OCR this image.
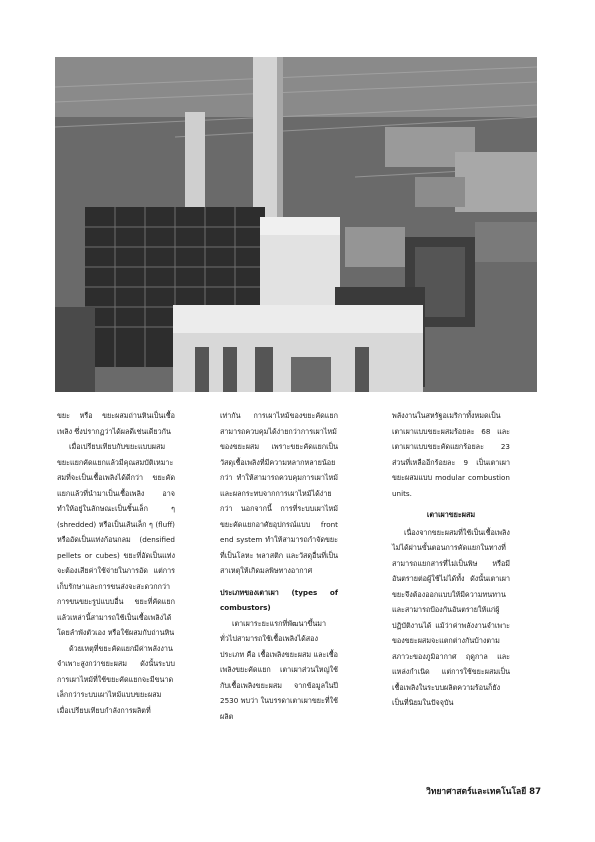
ขยะ หรือ ขยะผสมถ่านหินเป็นเชื้อเพลิง ซึ่งปรากฏว่าได้ผลดีเช่นเดียวกัน

เมื่อเปรียบเทียบกับขยะแบบผสม ขยะแยกคัดแยกแล้วมีคุณสมบัติเหมาะสมที่จะเป็นเชื้อเพลิงได้ดีกว่า ขยะคัดแยกแล้วที่นำมาเป็นเชื้อเพลิง อาจทำให้อยู่ในลักษณะเป็นชิ้นเล็ก ๆ (shredded) หรือเป็นเส้นเล็ก ๆ (fluff) หรืออัดเป็นแท่งก้อนกลม (densified pellets or cubes) ขยะที่อัดเป็นแท่งจะต้องเสียค่าใช้จ่ายในการอัด แต่การเก็บรักษาและการขนส่งจะสะดวกกว่าการขนขยะรูปแบบอื่น ขยะที่คัดแยกแล้วเหล่านี้สามารถใช้เป็นเชื้อเพลิงได้โดยลำพังตัวเอง หรือใช้ผสมกับถ่านหิน

ด้วยเหตุที่ขยะคัดแยกมีค่าพลังงานจำเพาะสูงกว่าขยะผสม ดังนั้นระบบการเผาไหม้ที่ใช้ขยะคัดแยกจะมีขนาดเล็กกว่าระบบเผาไหม้แบบขยะผสม เมื่อเปรียบเทียบกำลังการผลิตที่

เท่ากัน การเผาไหม้ของขยะคัดแยกสามารถควบคุมได้ง่ายกว่าการเผาไหม้ของขยะผสม เพราะขยะคัดแยกเป็นวัสดุเชื้อเพลิงที่มีความหลากหลายน้อยกว่า ทำให้สามารถควบคุมการเผาไหม้และผลกระทบจากการเผาไหม้ได้ง่ายกว่า นอกจากนี้ การที่ระบบเผาไหม้ขยะคัดแยกอาศัยอุปกรณ์แบบ front end system ทำให้สามารถกำจัดขยะที่เป็นโลหะ พลาสติก และวัสดุอื่นที่เป็นสาเหตุให้เกิดมลพิษทางอากาศ

ประเภทของเตาเผา (types of combustors)

เตาเผาระยะแรกที่พัฒนาขึ้นมา ทั่วไปสามารถใช้เชื้อเพลิงได้สองประเภท คือ เชื้อเพลิงขยะผสม และเชื้อเพลิงขยะคัดแยก เตาเผาส่วนใหญ่ใช้กับเชื้อเพลิงขยะผสม จากข้อมูลในปี 2530 พบว่า ในบรรดาเตาเผาขยะที่ใช้ผลิต

พลังงานในสหรัฐอเมริกาทั้งหมดเป็นเตาเผาแบบขยะผสมร้อยละ 68 และเตาเผาแบบขยะคัดแยกร้อยละ 23 ส่วนที่เหลืออีกร้อยละ 9 เป็นเตาเผาขยะผสมแบบ modular combustion units.

เตาเผาขยะผสม

เนื่องจากขยะผสมที่ใช้เป็นเชื้อเพลิงไม่ได้ผ่านขั้นตอนการคัดแยกในทางที่สามารถแยกสารที่ไม่เป็นพิษ หรือมีอันตรายต่อผู้ใช้ไม่ได้ทั้ง ดังนั้นเตาเผาขยะจึงต้องออกแบบให้มีความทนทานและสามารถป้องกันอันตรายให้แก่ผู้ปฏิบัติงานได้ แม้ว่าค่าพลังงานจำเพาะของขยะผสมจะแตกต่างกันบ้างตามสภาวะของภูมิอากาศ ฤดูกาล และแหล่งกำเนิด แต่การใช้ขยะผสมเป็นเชื้อเพลิงในระบบผลิตความร้อนก็ยังเป็นที่นิยมในปัจจุบัน

วิทยาศาสตร์และเทคโนโลยี 87
